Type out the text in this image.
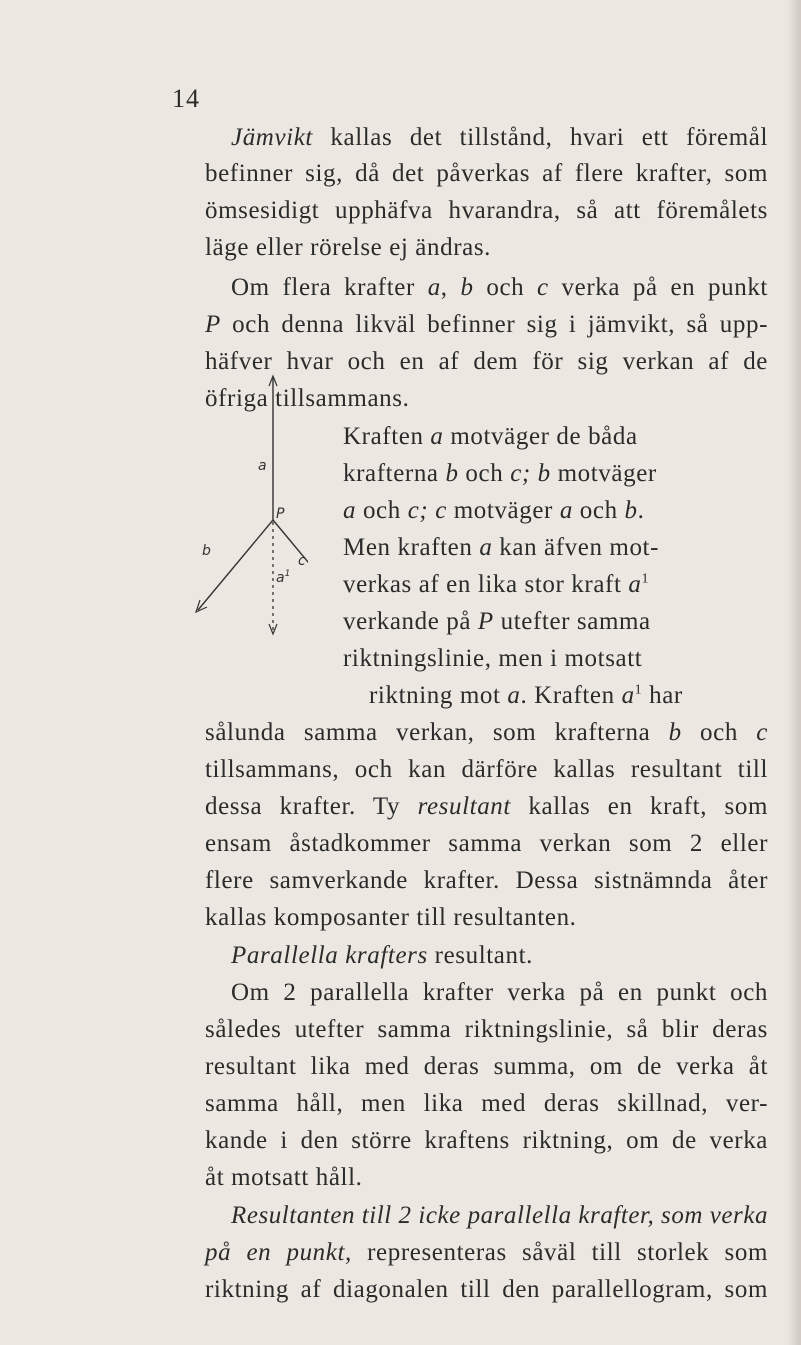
14
Jämvikt kallas det tillstånd, hvari ett föremål
befinner sig, då det påverkas af flere krafter, som
ömsesidigt upphäfva hvarandra, så att föremålets
läge eller rörelse ej ändras.
Om flera krafter a, b och c verka på en punkt
P och denna likväl befinner sig i jämvikt, så upp-
häfver hvar och en af dem för sig verkan af de
öfriga tillsammans.
Kraften a motväger de båda
krafterna b och c; b motväger
a och c; c motväger a och b.
Men kraften a kan äfven mot-
verkas af en lika stor kraft $a^1$
verkande på P utefter samma
riktningslinie, men i motsatt
riktning mot a. Kraften $a^1$ har
sålunda samma verkan, som krafterna b och c
tillsammans, och kan därföre kallas resultant till
dessa krafter. Ty resultant kallas en kraft, som
ensam åstadkommer samma verkan som 2 eller
flere samverkande krafter. Dessa sistnämnda åter
kallas komposanter till resultanten.
Parallella krafters resultant.
Om 2 parallella krafter verka på en punkt och
således utefter samma riktningslinie, så blir deras
resultant lika med deras summa, om de verka åt
samma håll, men lika med deras skillnad, ver-
kande i den större kraftens riktning, om de verka
åt motsatt håll.
Resultanten till 2 icke parallella krafter, som verka
på en punkt, representeras såväl till storlek som
riktning af diagonalen till den parallellogram, som
a
P
b
c
$a^1$
